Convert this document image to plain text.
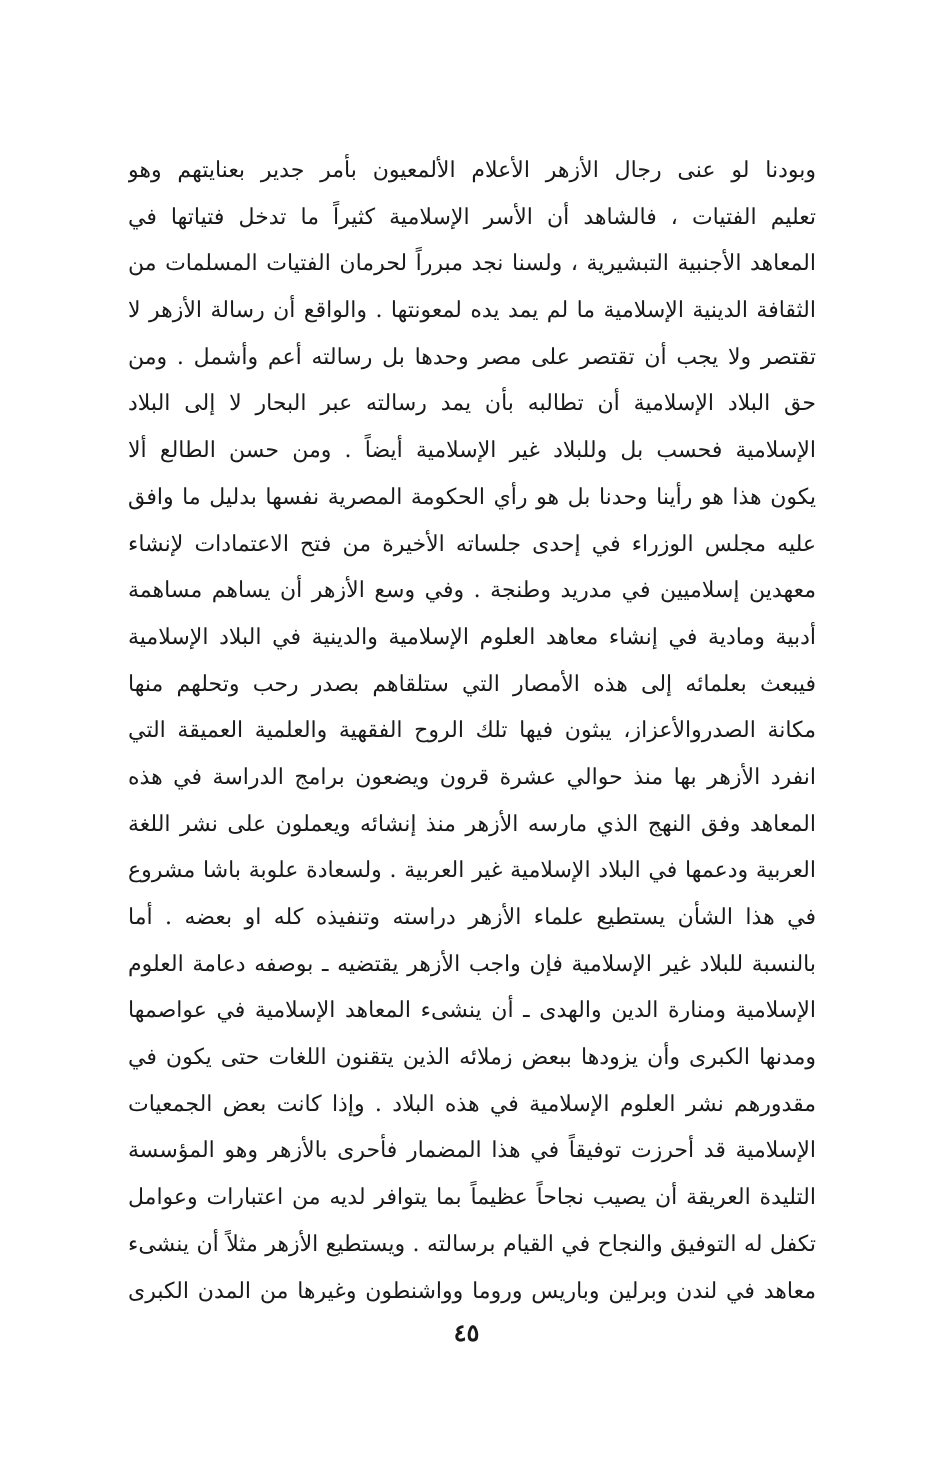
وبودنا لو عنى رجال الأزهر الأعلام الألمعيون بأمر جدير بعنايتهم وهو
تعليم الفتيات ، فالشاهد أن الأسر الإسلامية كثيراً ما تدخل فتياتها في
المعاهد الأجنبية التبشيرية ، ولسنا نجد مبرراً لحرمان الفتيات المسلمات من
الثقافة الدينية الإسلامية ما لم يمد يده لمعونتها . والواقع أن رسالة الأزهر لا
تقتصر ولا يجب أن تقتصر على مصر وحدها بل رسالته أعم وأشمل . ومن
حق البلاد الإسلامية أن تطالبه بأن يمد رسالته عبر البحار لا إلى البلاد
الإسلامية فحسب بل وللبلاد غير الإسلامية أيضاً . ومن حسن الطالع ألا
يكون هذا هو رأينا وحدنا بل هو رأي الحكومة المصرية نفسها بدليل ما وافق
عليه مجلس الوزراء في إحدى جلساته الأخيرة من فتح الاعتمادات لإنشاء
معهدين إسلاميين في مدريد وطنجة . وفي وسع الأزهر أن يساهم مساهمة
أدبية ومادية في إنشاء معاهد العلوم الإسلامية والدينية في البلاد الإسلامية
فيبعث بعلمائه إلى هذه الأمصار التي ستلقاهم بصدر رحب وتحلهم منها
مكانة الصدروالأعزاز، يبثون فيها تلك الروح الفقهية والعلمية العميقة التي
انفرد الأزهر بها منذ حوالي عشرة قرون ويضعون برامج الدراسة في هذه
المعاهد وفق النهج الذي مارسه الأزهر منذ إنشائه ويعملون على نشر اللغة
العربية ودعمها في البلاد الإسلامية غير العربية . ولسعادة علوبة باشا مشروع
في هذا الشأن يستطيع علماء الأزهر دراسته وتنفيذه كله او بعضه . أما
بالنسبة للبلاد غير الإسلامية فإن واجب الأزهر يقتضيه ـ بوصفه دعامة العلوم
الإسلامية ومنارة الدين والهدى ـ أن ينشىء المعاهد الإسلامية في عواصمها
ومدنها الكبرى وأن يزودها ببعض زملائه الذين يتقنون اللغات حتى يكون في
مقدورهم نشر العلوم الإسلامية في هذه البلاد . وإذا كانت بعض الجمعيات
الإسلامية قد أحرزت توفيقاً في هذا المضمار فأحرى بالأزهر وهو المؤسسة
التليدة العريقة أن يصيب نجاحاً عظيماً بما يتوافر لديه من اعتبارات وعوامل
تكفل له التوفيق والنجاح في القيام برسالته . ويستطيع الأزهر مثلاً أن ينشىء
معاهد في لندن وبرلين وباريس وروما وواشنطون وغيرها من المدن الكبرى
٤٥
